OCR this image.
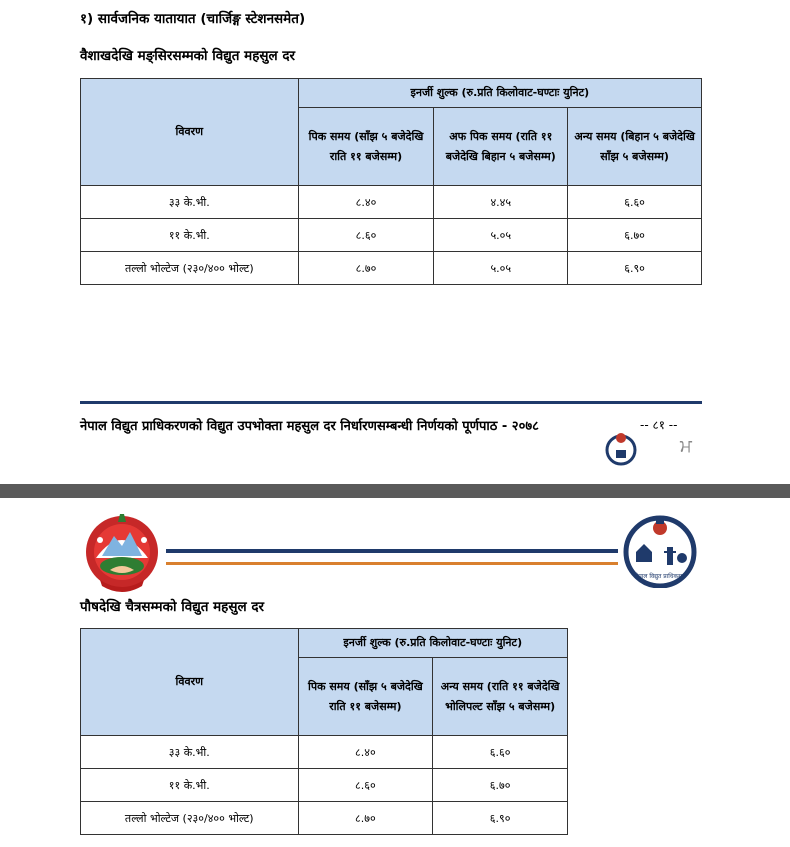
१) सार्वजनिक यातायात (चार्जिङ्ग स्टेशनसमेत)
वैशाखदेखि मङ्सिरसम्मको विद्युत महसुल दर
विवरण	इनर्जी शुल्क (रु.प्रति किलोवाट-घण्टाः युनिट)		
	पिक समय (साँझ ५ बजेदेखि राति ११ बजेसम्म)	अफ पिक समय (राति ११ बजेदेखि बिहान ५ बजेसम्म)	अन्य समय (बिहान ५ बजेदेखि साँझ ५ बजेसम्म)
३३ के.भी.	८.४०	४.४५	६.६०
११ के.भी.	८.६०	५.०५	६.७०
तल्लो भोल्टेज (२३०/४०० भोल्ट)	८.७०	५.०५	६.९०
नेपाल विद्युत प्राधिकरणको विद्युत उपभोक्ता महसुल दर निर्धारणसम्बन्धी निर्णयको पूर्णपाठ - २०७८	-- ८१ --
ਮ
नेपाल विद्युत प्राधिकरण
पौषदेखि चैत्रसम्मको विद्युत महसुल दर
विवरण	इनर्जी शुल्क (रु.प्रति किलोवाट-घण्टाः युनिट)	
	पिक समय (साँझ ५ बजेदेखि राति ११ बजेसम्म)	अन्य समय (राति ११ बजेदेखि भोलिपल्ट साँझ ५ बजेसम्म)
३३ के.भी.	८.४०	६.६०
११ के.भी.	८.६०	६.७०
तल्लो भोल्टेज (२३०/४०० भोल्ट)	८.७०	६.९०
